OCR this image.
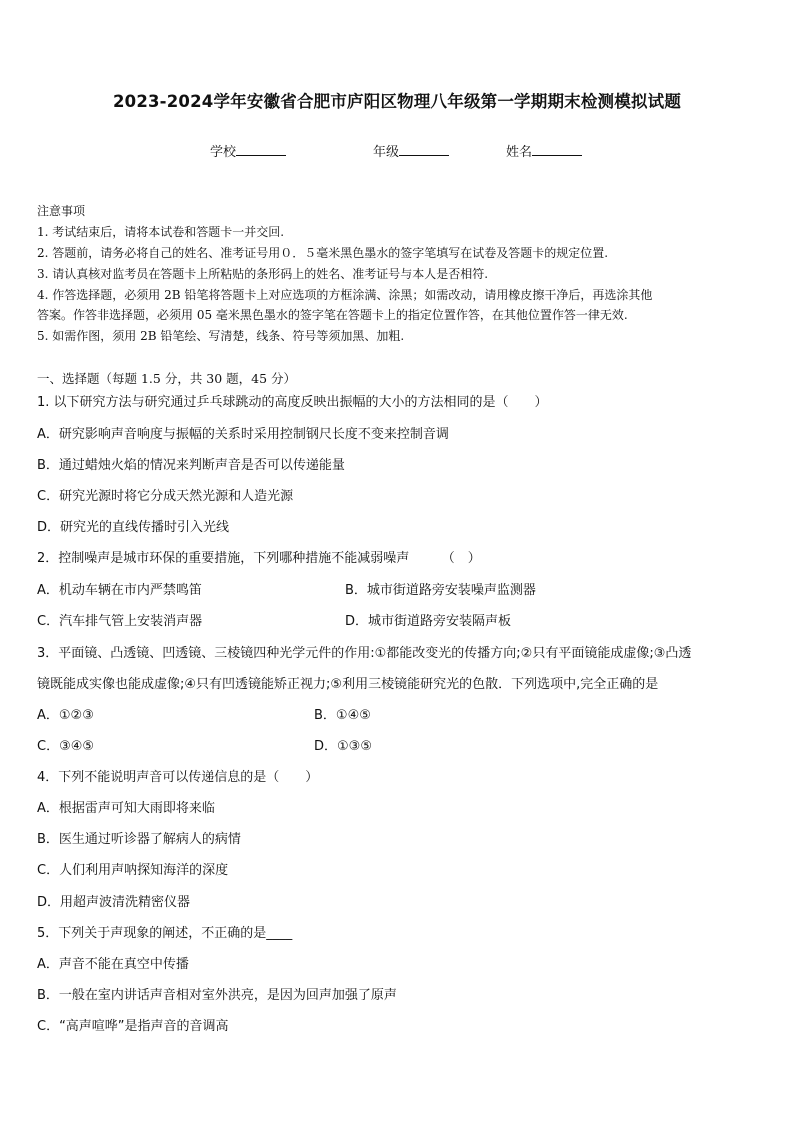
2023-2024学年安徽省合肥市庐阳区物理八年级第一学期期末检测模拟试题
学校	年级	姓名
注意事项
1. 考试结束后，请将本试卷和答题卡一并交回.
2. 答题前，请务必将自己的姓名、准考证号用０．５毫米黑色墨水的签字笔填写在试卷及答题卡的规定位置.
3. 请认真核对监考员在答题卡上所粘贴的条形码上的姓名、准考证号与本人是否相符.
4. 作答选择题，必须用 2B 铅笔将答题卡上对应选项的方框涂满、涂黑；如需改动，请用橡皮擦干净后，再选涂其他
答案。作答非选择题，必须用 05 毫米黑色墨水的签字笔在答题卡上的指定位置作答，在其他位置作答一律无效.
5. 如需作图，须用 2B 铅笔绘、写清楚，线条、符号等须加黑、加粗.
一、选择题（每题 1.5 分，共 30 题，45 分）
1. 以下研究方法与研究通过乒乓球跳动的高度反映出振幅的大小的方法相同的是（　　）
A．研究影响声音响度与振幅的关系时采用控制钢尺长度不变来控制音调
B．通过蜡烛火焰的情况来判断声音是否可以传递能量
C．研究光源时将它分成天然光源和人造光源
D．研究光的直线传播时引入光线
2．控制噪声是城市环保的重要措施，下列哪种措施不能减弱噪声　　　（　）
A．机动车辆在市内严禁鸣笛	B．城市街道路旁安装噪声监测器
C．汽车排气管上安装消声器	D．城市街道路旁安装隔声板
3．平面镜、凸透镜、凹透镜、三棱镜四种光学元件的作用:①都能改变光的传播方向;②只有平面镜能成虚像;③凸透
镜既能成实像也能成虚像;④只有凹透镜能矫正视力;⑤利用三棱镜能研究光的色散．下列选项中,完全正确的是
A．①②③	B．①④⑤
C．③④⑤	D．①③⑤
4．下列不能说明声音可以传递信息的是（　　）
A．根据雷声可知大雨即将来临
B．医生通过听诊器了解病人的病情
C．人们利用声呐探知海洋的深度
D．用超声波清洗精密仪器
5．下列关于声现象的阐述，不正确的是____
A．声音不能在真空中传播
B．一般在室内讲话声音相对室外洪亮，是因为回声加强了原声
C．“高声喧哗”是指声音的音调高
